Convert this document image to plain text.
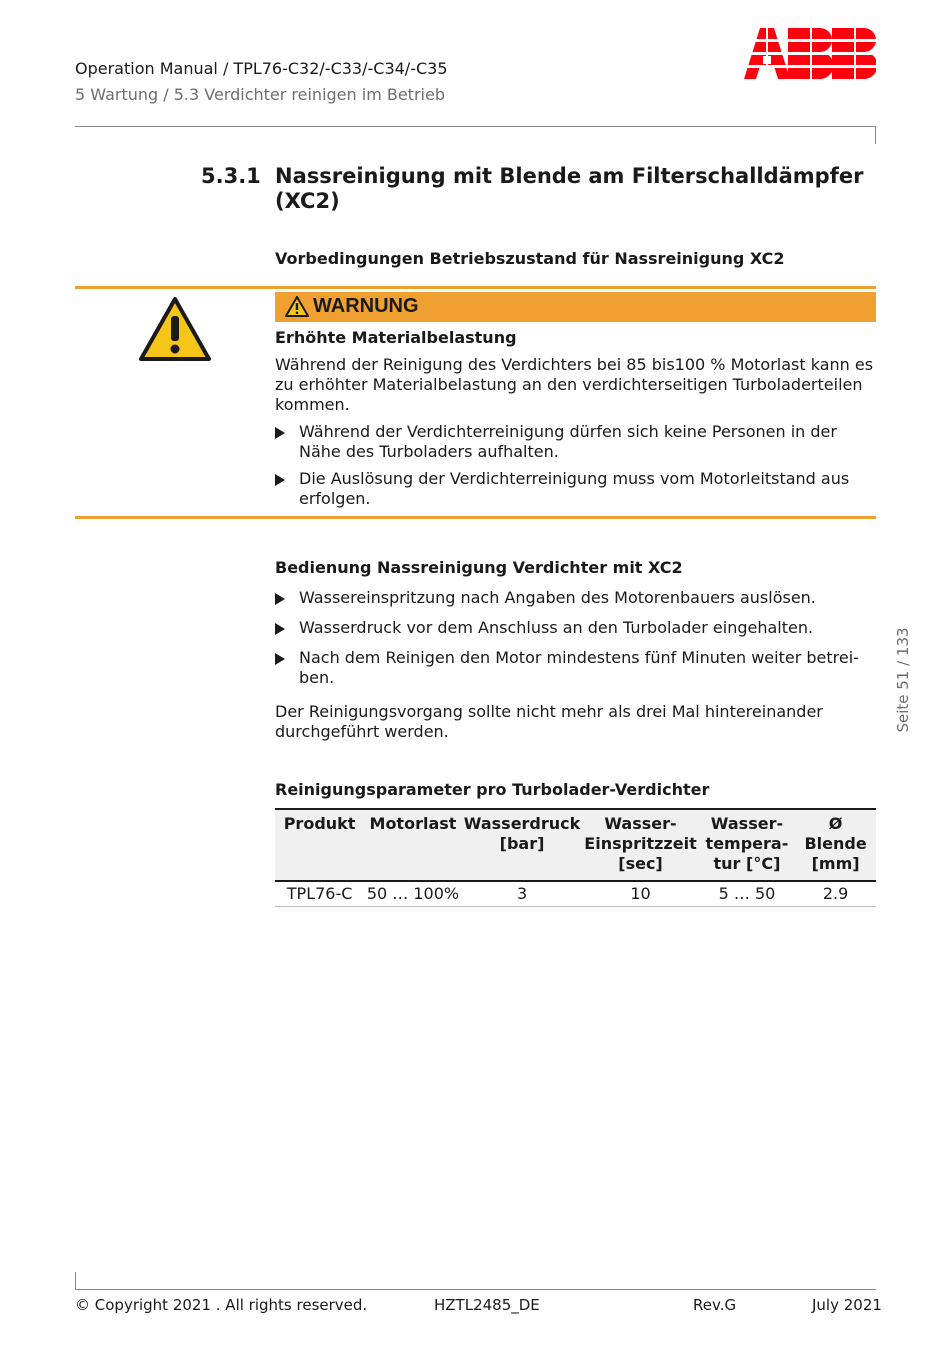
Operation Manual / TPL76-C32/-C33/-C34/-C35
5 Wartung / 5.3 Verdichter reinigen im Betrieb
5.3.1 Nassreinigung mit Blende am Filterschalldämpfer (XC2)
Vorbedingungen Betriebszustand für Nassreinigung XC2
WARNUNG
Erhöhte Materialbelastung
Während der Reinigung des Verdichters bei 85 bis100 % Motorlast kann es zu erhöhter Materialbelastung an den verdichterseitigen Turboladerteilen kommen.
Während der Verdichterreinigung dürfen sich keine Personen in der Nähe des Turboladers aufhalten.
Die Auslösung der Verdichterreinigung muss vom Motorleitstand aus erfolgen.
Bedienung Nassreinigung Verdichter mit XC2
Wassereinspritzung nach Angaben des Motorenbauers auslösen.
Wasserdruck vor dem Anschluss an den Turbolader eingehalten.
Nach dem Reinigen den Motor mindestens fünf Minuten weiter betreiben.
Der Reinigungsvorgang sollte nicht mehr als drei Mal hintereinander durchgeführt werden.
Reinigungsparameter pro Turbolader-Verdichter
Produkt	Motorlast	Wasserdruck [bar]	Wasser-Einspritzzeit [sec]	Wasser-tempera-tur [°C]	Ø Blende [mm]
TPL76-C	50 … 100%	3	10	5 … 50	2.9
Seite 51 / 133
© Copyright 2021 . All rights reserved.	HZTL2485_DE	Rev.G	July 2021
